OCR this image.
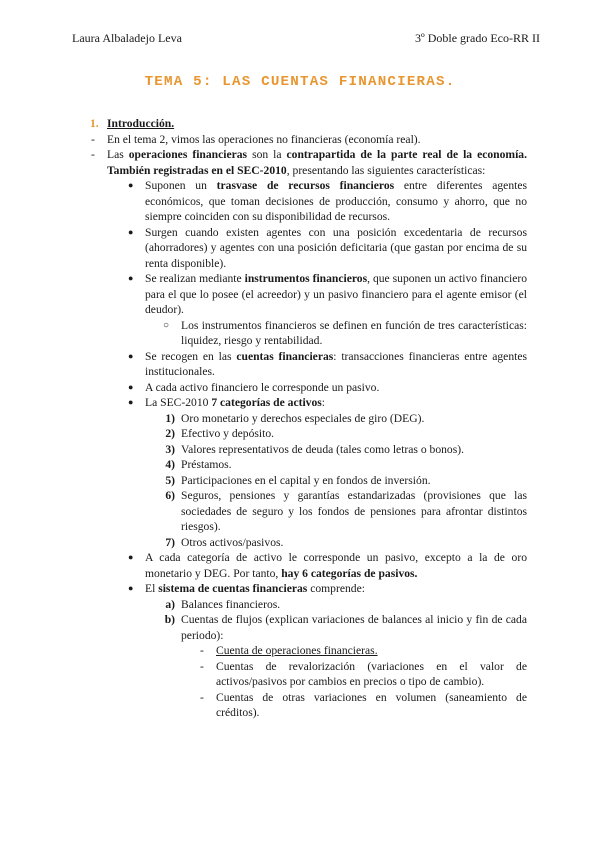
Laura Albaladejo Leva	3º Doble grado Eco-RR II
TEMA 5: LAS CUENTAS FINANCIERAS.
1. Introducción.
- En el tema 2, vimos las operaciones no financieras (economía real).
- Las operaciones financieras son la contrapartida de la parte real de la economía. También registradas en el SEC-2010, presentando las siguientes características:
● Suponen un trasvase de recursos financieros entre diferentes agentes económicos, que toman decisiones de producción, consumo y ahorro, que no siempre coinciden con su disponibilidad de recursos.
● Surgen cuando existen agentes con una posición excedentaria de recursos (ahorradores) y agentes con una posición deficitaria (que gastan por encima de su renta disponible).
● Se realizan mediante instrumentos financieros, que suponen un activo financiero para el que lo posee (el acreedor) y un pasivo financiero para el agente emisor (el deudor).
○ Los instrumentos financieros se definen en función de tres características: liquidez, riesgo y rentabilidad.
● Se recogen en las cuentas financieras: transacciones financieras entre agentes institucionales.
● A cada activo financiero le corresponde un pasivo.
● La SEC-2010 7 categorías de activos:
1) Oro monetario y derechos especiales de giro (DEG).
2) Efectivo y depósito.
3) Valores representativos de deuda (tales como letras o bonos).
4) Préstamos.
5) Participaciones en el capital y en fondos de inversión.
6) Seguros, pensiones y garantías estandarizadas (provisiones que las sociedades de seguro y los fondos de pensiones para afrontar distintos riesgos).
7) Otros activos/pasivos.
● A cada categoría de activo le corresponde un pasivo, excepto a la de oro monetario y DEG. Por tanto, hay 6 categorías de pasivos.
● El sistema de cuentas financieras comprende:
a) Balances financieros.
b) Cuentas de flujos (explican variaciones de balances al inicio y fin de cada periodo):
- Cuenta de operaciones financieras.
- Cuentas de revalorización (variaciones en el valor de activos/pasivos por cambios en precios o tipo de cambio).
- Cuentas de otras variaciones en volumen (saneamiento de créditos).
